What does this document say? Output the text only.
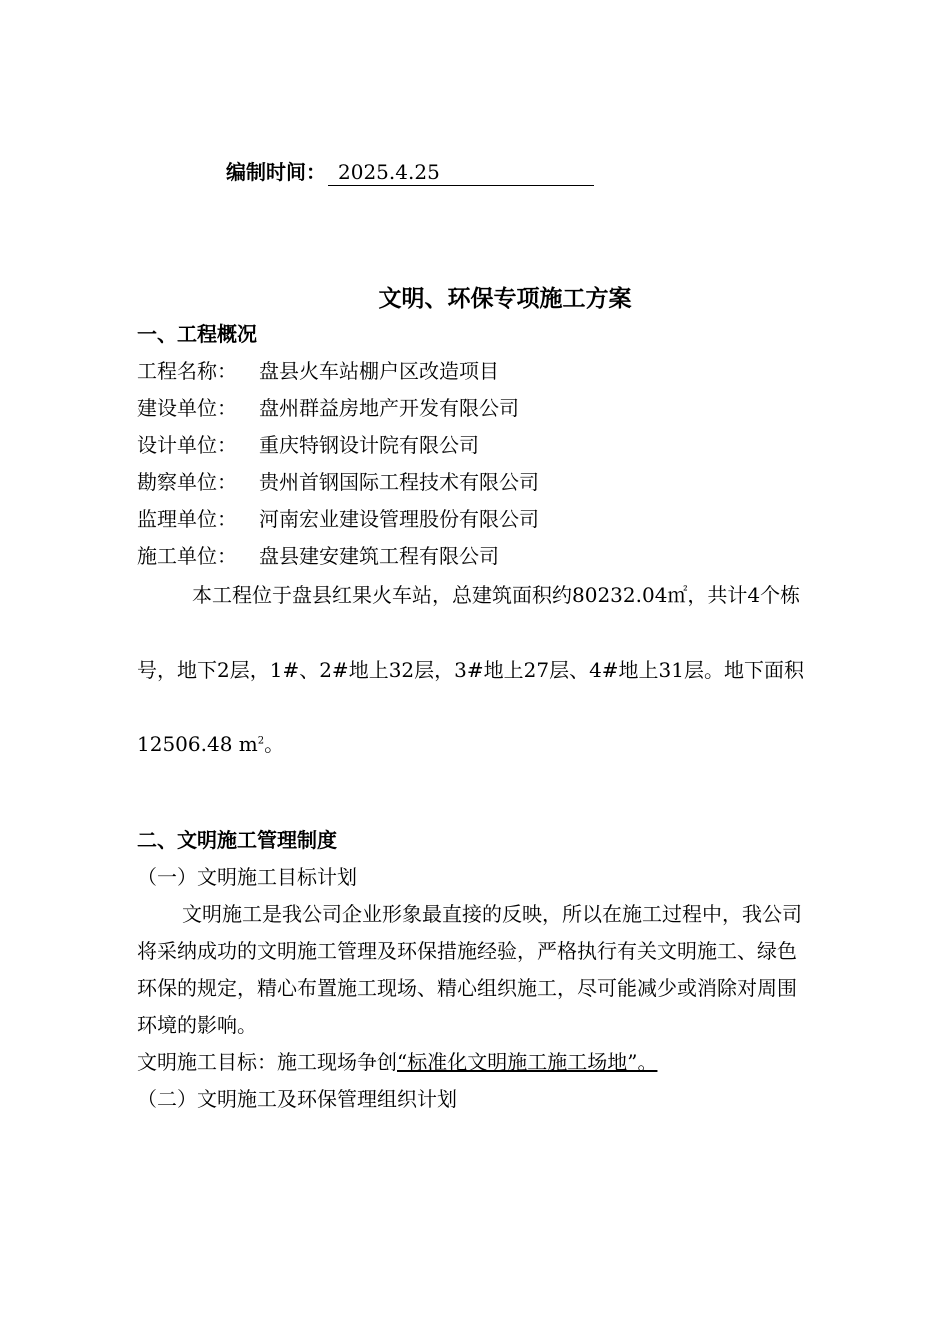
编制时间： 2025.4.25
文明、环保专项施工方案
一、工程概况
工程名称： 盘县火车站棚户区改造项目
建设单位： 盘州群益房地产开发有限公司
设计单位： 重庆特钢设计院有限公司
勘察单位： 贵州首钢国际工程技术有限公司
监理单位： 河南宏业建设管理股份有限公司
施工单位： 盘县建安建筑工程有限公司
本工程位于盘县红果火车站，总建筑面积约80232.04㎡，共计4个栋
号，地下2层，1#、2#地上32层，3#地上27层、4#地上31层。地下面积
12506.48 $m^2$。
二、文明施工管理制度
（一）文明施工目标计划
文明施工是我公司企业形象最直接的反映，所以在施工过程中，我公司
将采纳成功的文明施工管理及环保措施经验，严格执行有关文明施工、绿色
环保的规定，精心布置施工现场、精心组织施工，尽可能减少或消除对周围
环境的影响。
文明施工目标：施工现场争创“标准化文明施工施工场地”。
（二）文明施工及环保管理组织计划
